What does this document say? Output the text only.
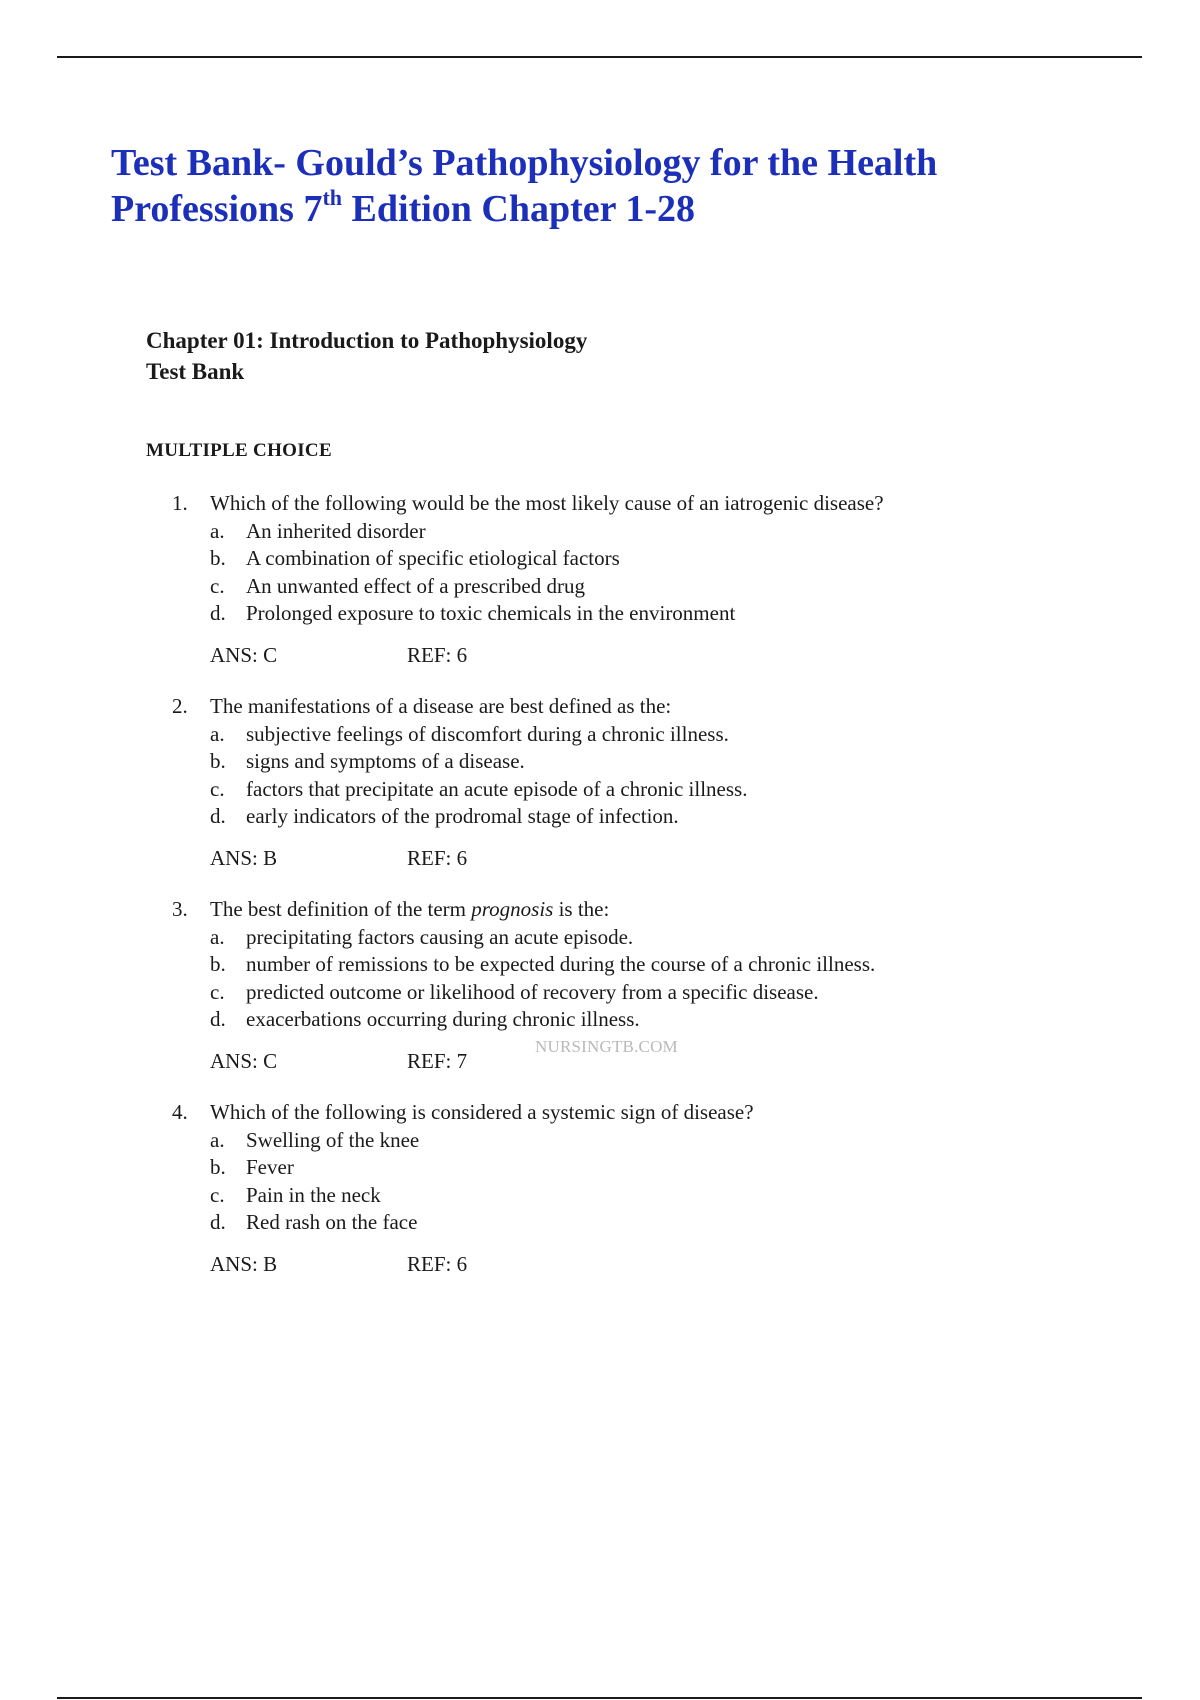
Test Bank- Gould’s Pathophysiology for the Health
Professions 7th Edition Chapter 1-28
Chapter 01: Introduction to Pathophysiology
Test Bank
MULTIPLE CHOICE
1.	Which of the following would be the most likely cause of an iatrogenic disease?
a.	An inherited disorder
b. A combination of specific etiological factors
c.	An unwanted effect of a prescribed drug
d. Prolonged exposure to toxic chemicals in the environment
ANS: C	REF: 6
2.	The manifestations of a disease are best defined as the:
a.	subjective feelings of discomfort during a chronic illness.
b. signs and symptoms of a disease.
c.	factors that precipitate an acute episode of a chronic illness.
d. early indicators of the prodromal stage of infection.
ANS: B	REF: 6
3.	The best definition of the term prognosis is the:
a.	precipitating factors causing an acute episode.
b. number of remissions to be expected during the course of a chronic illness.
c.	predicted outcome or likelihood of recovery from a specific disease.
d. exacerbations occurring during chronic illness.
ANS: C	REF: 7
4.	Which of the following is considered a systemic sign of disease?
a.	Swelling of the knee
b. Fever
c.	Pain in the neck
d. Red rash on the face
ANS: B	REF: 6
NURSINGTB.COM
